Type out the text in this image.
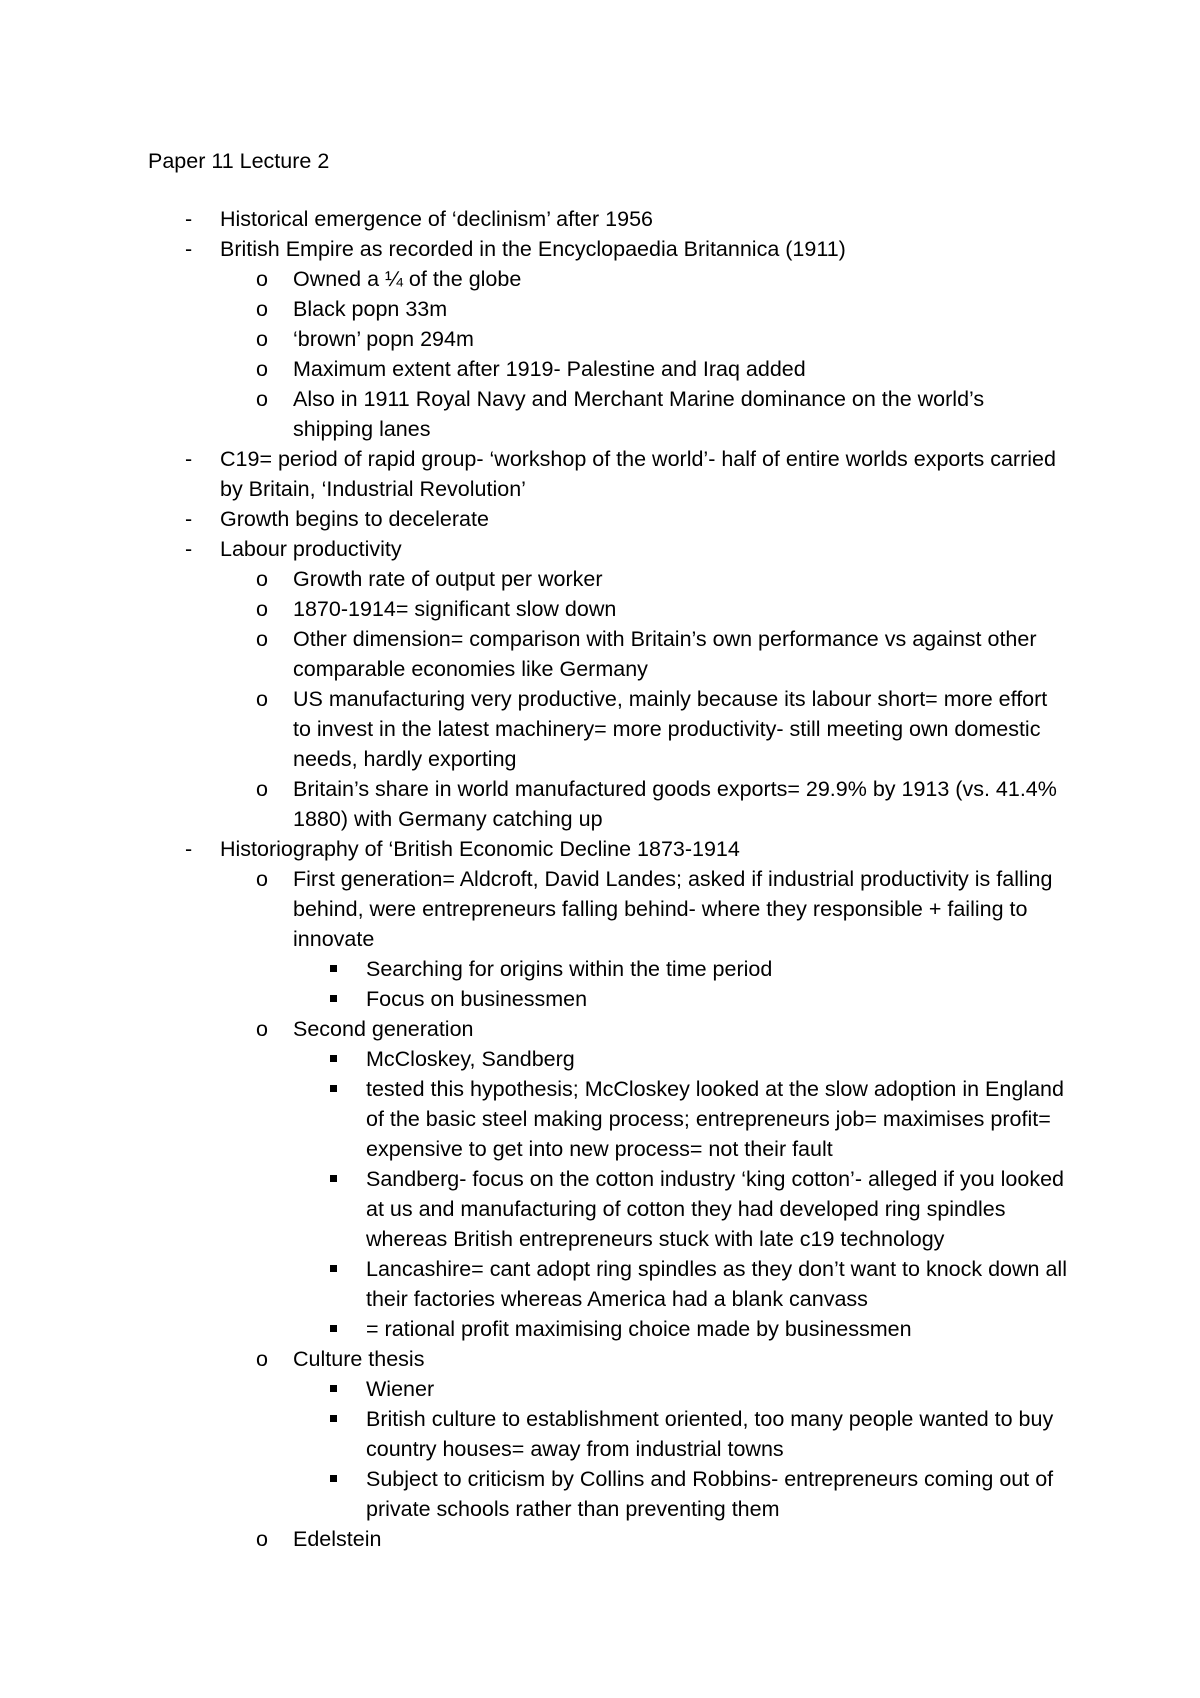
Paper 11 Lecture 2
- Historical emergence of ‘declinism’ after 1956
- British Empire as recorded in the Encyclopaedia Britannica (1911)
o Owned a ¼ of the globe
o Black popn 33m
o ‘brown’ popn 294m
o Maximum extent after 1919- Palestine and Iraq added
o Also in 1911 Royal Navy and Merchant Marine dominance on the world’s shipping lanes
- C19= period of rapid group- ‘workshop of the world’- half of entire worlds exports carried by Britain, ‘Industrial Revolution’
- Growth begins to decelerate
- Labour productivity
o Growth rate of output per worker
o 1870-1914= significant slow down
o Other dimension= comparison with Britain’s own performance vs against other comparable economies like Germany
o US manufacturing very productive, mainly because its labour short= more effort to invest in the latest machinery= more productivity- still meeting own domestic needs, hardly exporting
o Britain’s share in world manufactured goods exports= 29.9% by 1913 (vs. 41.4% 1880) with Germany catching up
- Historiography of ‘British Economic Decline 1873-1914
o First generation= Aldcroft, David Landes; asked if industrial productivity is falling behind, were entrepreneurs falling behind- where they responsible + failing to innovate
Searching for origins within the time period
Focus on businessmen
o Second generation
McCloskey, Sandberg
tested this hypothesis; McCloskey looked at the slow adoption in England of the basic steel making process; entrepreneurs job= maximises profit= expensive to get into new process= not their fault
Sandberg- focus on the cotton industry ‘king cotton’- alleged if you looked at us and manufacturing of cotton they had developed ring spindles whereas British entrepreneurs stuck with late c19 technology
Lancashire= cant adopt ring spindles as they don’t want to knock down all their factories whereas America had a blank canvass
= rational profit maximising choice made by businessmen
o Culture thesis
Wiener
British culture to establishment oriented, too many people wanted to buy country houses= away from industrial towns
Subject to criticism by Collins and Robbins- entrepreneurs coming out of private schools rather than preventing them
o Edelstein
